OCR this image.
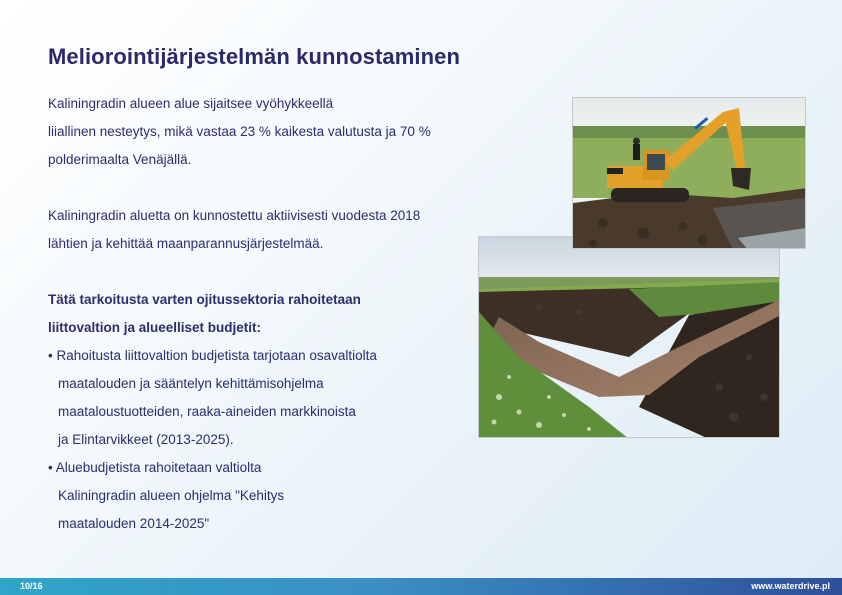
Meliorointijärjestelmän kunnostaminen
Kaliningradin alueen alue sijaitsee vyöhykkeellä
liiallinen nesteytys, mikä vastaa 23 % kaikesta valutusta ja 70 %
polderimaalta Venäjällä.
Kaliningradin aluetta on kunnostettu aktiivisesti vuodesta 2018
lähtien ja kehittää maanparannusjärjestelmää.
Tätä tarkoitusta varten ojitussektoria rahoitetaan
liittovaltion ja alueelliset budjetit:
• Rahoitusta liittovaltion budjetista tarjotaan osavaltiolta
maatalouden ja sääntelyn kehittämisohjelma
maataloustuotteiden, raaka-aineiden markkinoista
ja Elintarvikkeet (2013-2025).
• Aluebudjetista rahoitetaan valtiolta
Kaliningradin alueen ohjelma "Kehitys
maatalouden 2014-2025"
10/16	www.waterdrive.pl
